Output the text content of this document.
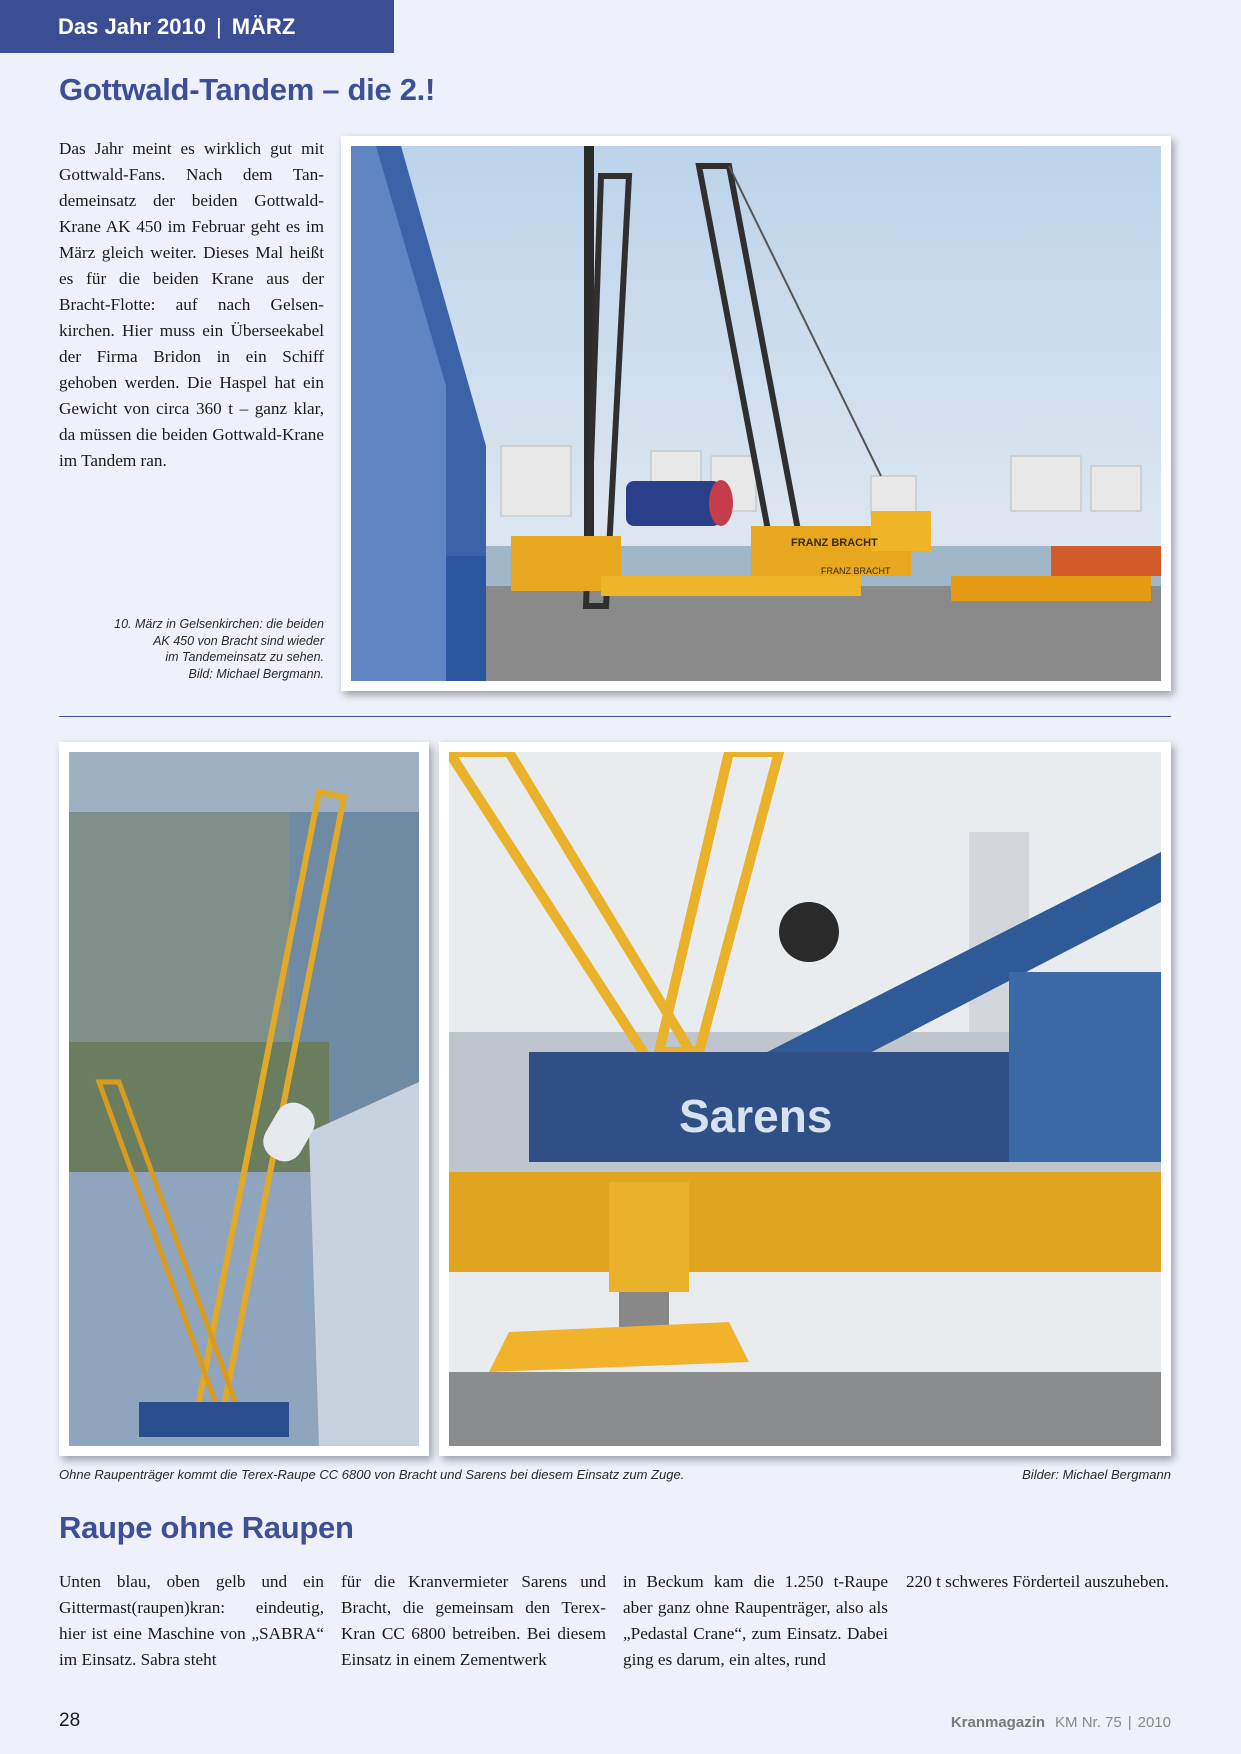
Das Jahr 2010 | MÄRZ
Gottwald-Tandem – die 2.!
Das Jahr meint es wirklich gut mit Gottwald-Fans. Nach dem Tandemeinsatz der beiden Gottwald-Krane AK 450 im Februar geht es im März gleich weiter. Dieses Mal heißt es für die beiden Krane aus der Bracht-Flotte: auf nach Gelsenkirchen. Hier muss ein Überseekabel der Firma Bridon in ein Schiff gehoben werden. Die Haspel hat ein Gewicht von circa 360 t – ganz klar, da müssen die beiden Gottwald-Krane im Tandem ran.
10. März in Gelsenkirchen: die beiden
AK 450 von Bracht sind wieder
im Tandemeinsatz zu sehen.
Bild: Michael Bergmann.
FRANZ BRACHT
FRANZ BRACHT
Sarens
Ohne Raupenträger kommt die Terex-Raupe CC 6800 von Bracht und Sarens bei diesem Einsatz zum Zuge.	Bilder: Michael Bergmann
Raupe ohne Raupen
Unten blau, oben gelb und ein Gittermast(raupen)kran: eindeutig, hier ist eine Maschine von „SABRA“ im Einsatz. Sabra steht
für die Kranvermieter Sarens und Bracht, die gemeinsam den Terex-Kran CC 6800 betreiben. Bei diesem Einsatz in einem Zementwerk
in Beckum kam die 1.250 t-Raupe aber ganz ohne Raupenträger, also als „Pedastal Crane“, zum Einsatz. Dabei ging es darum, ein altes, rund
220 t schweres Förderteil auszuheben.
28	Kranmagazin KM Nr. 75 | 2010
